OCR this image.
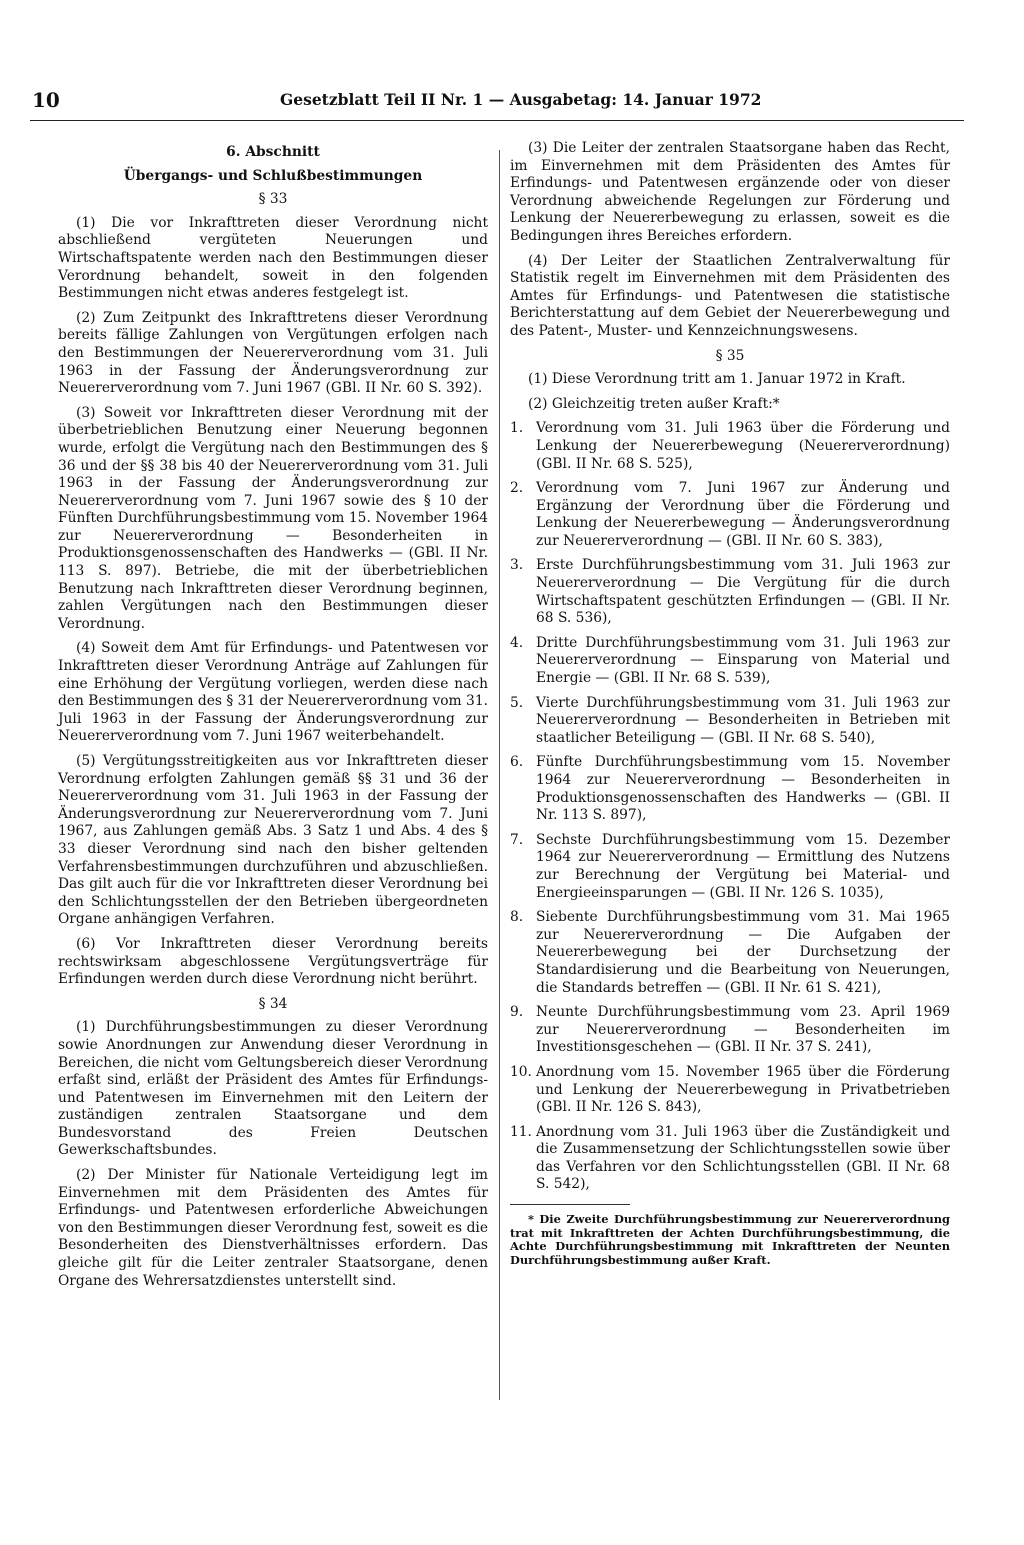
10	Gesetzblatt Teil II Nr. 1 — Ausgabetag: 14. Januar 1972

6. Abschnitt

Übergangs- und Schlußbestimmungen

§ 33

(1) Die vor Inkrafttreten dieser Verordnung nicht abschließend vergüteten Neuerungen und Wirtschaftspatente werden nach den Bestimmungen dieser Verordnung behandelt, soweit in den folgenden Bestimmungen nicht etwas anderes festgelegt ist.

(2) Zum Zeitpunkt des Inkrafttretens dieser Verordnung bereits fällige Zahlungen von Vergütungen erfolgen nach den Bestimmungen der Neuererverordnung vom 31. Juli 1963 in der Fassung der Änderungsverordnung zur Neuererverordnung vom 7. Juni 1967 (GBl. II Nr. 60 S. 392).

(3) Soweit vor Inkrafttreten dieser Verordnung mit der überbetrieblichen Benutzung einer Neuerung begonnen wurde, erfolgt die Vergütung nach den Bestimmungen des § 36 und der §§ 38 bis 40 der Neuererverordnung vom 31. Juli 1963 in der Fassung der Änderungsverordnung zur Neuererverordnung vom 7. Juni 1967 sowie des § 10 der Fünften Durchführungsbestimmung vom 15. November 1964 zur Neuererverordnung — Besonderheiten in Produktionsgenossenschaften des Handwerks — (GBl. II Nr. 113 S. 897). Betriebe, die mit der überbetrieblichen Benutzung nach Inkrafttreten dieser Verordnung beginnen, zahlen Vergütungen nach den Bestimmungen dieser Verordnung.

(4) Soweit dem Amt für Erfindungs- und Patentwesen vor Inkrafttreten dieser Verordnung Anträge auf Zahlungen für eine Erhöhung der Vergütung vorliegen, werden diese nach den Bestimmungen des § 31 der Neuererverordnung vom 31. Juli 1963 in der Fassung der Änderungsverordnung zur Neuererverordnung vom 7. Juni 1967 weiterbehandelt.

(5) Vergütungsstreitigkeiten aus vor Inkrafttreten dieser Verordnung erfolgten Zahlungen gemäß §§ 31 und 36 der Neuererverordnung vom 31. Juli 1963 in der Fassung der Änderungsverordnung zur Neuererverordnung vom 7. Juni 1967, aus Zahlungen gemäß Abs. 3 Satz 1 und Abs. 4 des § 33 dieser Verordnung sind nach den bisher geltenden Verfahrensbestimmungen durchzuführen und abzuschließen. Das gilt auch für die vor Inkrafttreten dieser Verordnung bei den Schlichtungsstellen der den Betrieben übergeordneten Organe anhängigen Verfahren.

(6) Vor Inkrafttreten dieser Verordnung bereits rechtswirksam abgeschlossene Vergütungsverträge für Erfindungen werden durch diese Verordnung nicht berührt.

§ 34

(1) Durchführungsbestimmungen zu dieser Verordnung sowie Anordnungen zur Anwendung dieser Verordnung in Bereichen, die nicht vom Geltungsbereich dieser Verordnung erfaßt sind, erläßt der Präsident des Amtes für Erfindungs- und Patentwesen im Einvernehmen mit den Leitern der zuständigen zentralen Staatsorgane und dem Bundesvorstand des Freien Deutschen Gewerkschaftsbundes.

(2) Der Minister für Nationale Verteidigung legt im Einvernehmen mit dem Präsidenten des Amtes für Erfindungs- und Patentwesen erforderliche Abweichungen von den Bestimmungen dieser Verordnung fest, soweit es die Besonderheiten des Dienstverhältnisses erfordern. Das gleiche gilt für die Leiter zentraler Staatsorgane, denen Organe des Wehrersatzdienstes unterstellt sind.

(3) Die Leiter der zentralen Staatsorgane haben das Recht, im Einvernehmen mit dem Präsidenten des Amtes für Erfindungs- und Patentwesen ergänzende oder von dieser Verordnung abweichende Regelungen zur Förderung und Lenkung der Neuererbewegung zu erlassen, soweit es die Bedingungen ihres Bereiches erfordern.

(4) Der Leiter der Staatlichen Zentralverwaltung für Statistik regelt im Einvernehmen mit dem Präsidenten des Amtes für Erfindungs- und Patentwesen die statistische Berichterstattung auf dem Gebiet der Neuererbewegung und des Patent-, Muster- und Kennzeichnungswesens.

§ 35

(1) Diese Verordnung tritt am 1. Januar 1972 in Kraft.

(2) Gleichzeitig treten außer Kraft:*

1. Verordnung vom 31. Juli 1963 über die Förderung und Lenkung der Neuererbewegung (Neuererverordnung) (GBl. II Nr. 68 S. 525),
2. Verordnung vom 7. Juni 1967 zur Änderung und Ergänzung der Verordnung über die Förderung und Lenkung der Neuererbewegung — Änderungsverordnung zur Neuererverordnung — (GBl. II Nr. 60 S. 383),
3. Erste Durchführungsbestimmung vom 31. Juli 1963 zur Neuererverordnung — Die Vergütung für die durch Wirtschaftspatent geschützten Erfindungen — (GBl. II Nr. 68 S. 536),
4. Dritte Durchführungsbestimmung vom 31. Juli 1963 zur Neuererverordnung — Einsparung von Material und Energie — (GBl. II Nr. 68 S. 539),
5. Vierte Durchführungsbestimmung vom 31. Juli 1963 zur Neuererverordnung — Besonderheiten in Betrieben mit staatlicher Beteiligung — (GBl. II Nr. 68 S. 540),
6. Fünfte Durchführungsbestimmung vom 15. November 1964 zur Neuererverordnung — Besonderheiten in Produktionsgenossenschaften des Handwerks — (GBl. II Nr. 113 S. 897),
7. Sechste Durchführungsbestimmung vom 15. Dezember 1964 zur Neuererverordnung — Ermittlung des Nutzens zur Berechnung der Vergütung bei Material- und Energieeinsparungen — (GBl. II Nr. 126 S. 1035),
8. Siebente Durchführungsbestimmung vom 31. Mai 1965 zur Neuererverordnung — Die Aufgaben der Neuererbewegung bei der Durchsetzung der Standardisierung und die Bearbeitung von Neuerungen, die Standards betreffen — (GBl. II Nr. 61 S. 421),
9. Neunte Durchführungsbestimmung vom 23. April 1969 zur Neuererverordnung — Besonderheiten im Investitionsgeschehen — (GBl. II Nr. 37 S. 241),
10. Anordnung vom 15. November 1965 über die Förderung und Lenkung der Neuererbewegung in Privatbetrieben (GBl. II Nr. 126 S. 843),
11. Anordnung vom 31. Juli 1963 über die Zuständigkeit und die Zusammensetzung der Schlichtungsstellen sowie über das Verfahren vor den Schlichtungsstellen (GBl. II Nr. 68 S. 542),

* Die Zweite Durchführungsbestimmung zur Neuererverordnung trat mit Inkrafttreten der Achten Durchführungsbestimmung, die Achte Durchführungsbestimmung mit Inkrafttreten der Neunten Durchführungsbestimmung außer Kraft.
